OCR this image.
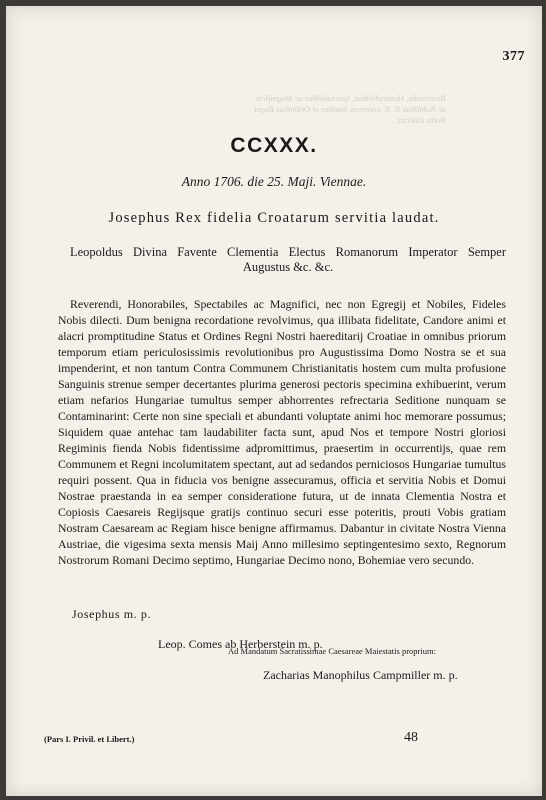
Reverendis, Honorabilibus, Spectabilibus ac Magnificis
ac Nobilibus N. N. universis Statibus et Ordinibus Regni
Nobis Dilectis.
377
CCXXX.
Anno 1706. die 25. Maji. Viennae.
Josephus Rex fidelia Croatarum servitia laudat.
Leopoldus Divina Favente Clementia Electus Romanorum Imperator Semper Augustus &c. &c.

Reverendi, Honorabiles, Spectabiles ac Magnifici, nec non Egregij et Nobiles, Fideles Nobis dilecti. Dum benigna recordatione revolvimus, qua illibata fidelitate, Candore animi et alacri promptitudine Status et Ordines Regni Nostri haereditarij Croatiae in omnibus priorum temporum etiam periculosissimis revolutionibus pro Augustissima Domo Nostra se et sua impenderint, et non tantum Contra Communem Christianitatis hostem cum multa profusione Sanguinis strenue semper decertantes plurima generosi pectoris specimina exhibuerint, verum etiam nefarios Hungariae tumultus semper abhorrentes refrectaria Seditione nunquam se Contaminarint: Certe non sine speciali et abundanti voluptate animi hoc memorare possumus; Siquidem quae antehac tam laudabiliter facta sunt, apud Nos et tempore Nostri gloriosi Regiminis fienda Nobis fidentissime adpromittimus, praesertim in occurrentijs, quae rem Communem et Regni incolumitatem spectant, aut ad sedandos perniciosos Hungariae tumultus requiri possent. Qua in fiducia vos benigne assecuramus, officia et servitia Nobis et Domui Nostrae praestanda in ea semper consideratione futura, ut de innata Clementia Nostra et Copiosis Caesareis Regijsque gratijs continuo securi esse poteritis, prouti Vobis gratiam Nostram Caesaream ac Regiam hisce benigne affirmamus. Dabantur in civitate Nostra Vienna Austriae, die vigesima sexta mensis Maij Anno millesimo septingentesimo sexto, Regnorum Nostrorum Romani Decimo septimo, Hungariae Decimo nono, Bohemiae vero secundo.

Josephus m. p.
Leop. Comes ab Herberstein m. p.
Ad Mandatum Sacratissimae Caesareae Maiestatis proprium:
Zacharias Manophilus Campmiller m. p.
(Pars I. Privil. et Libert.)	48
